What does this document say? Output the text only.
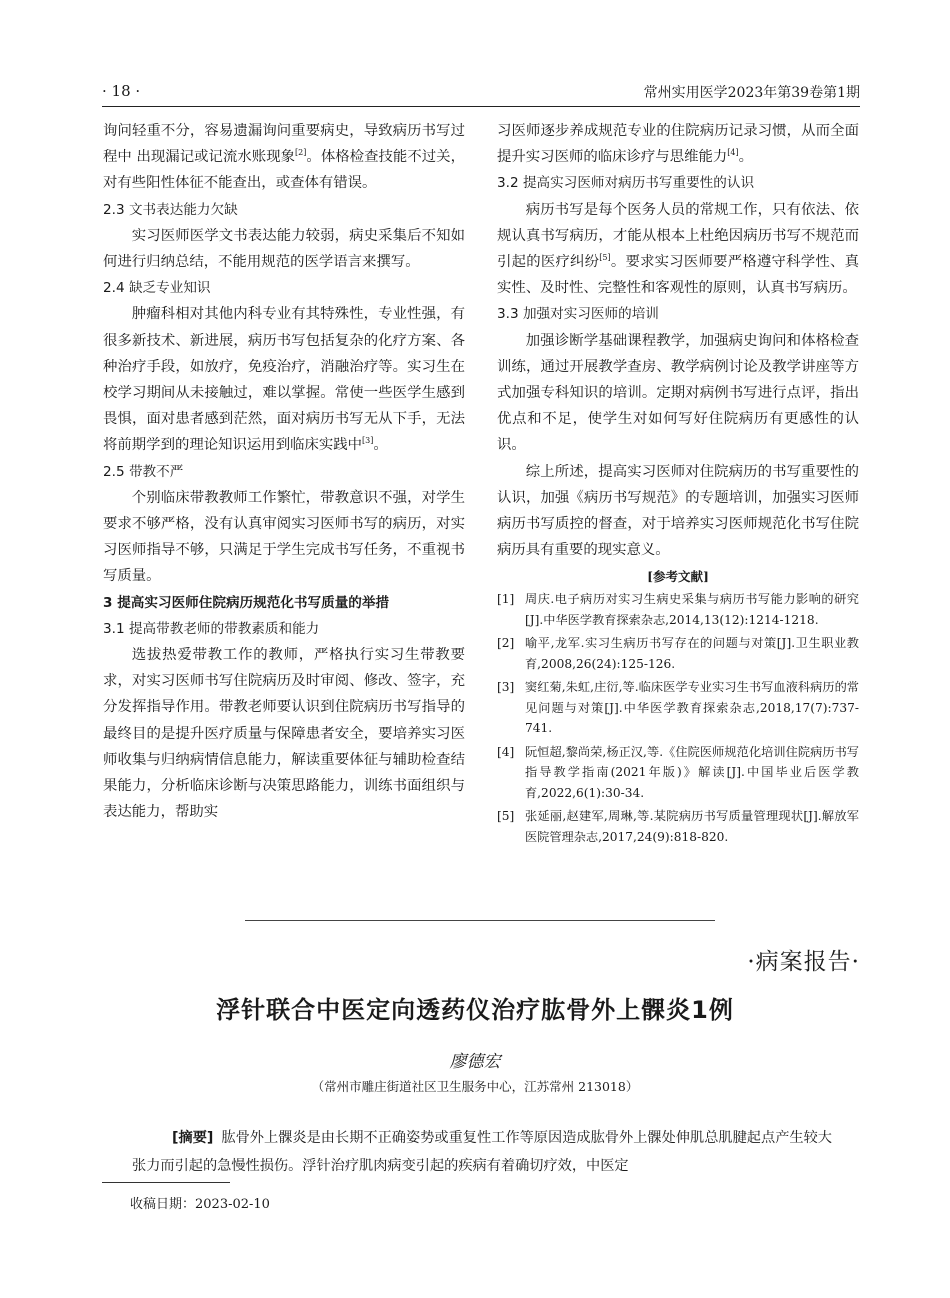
· 18 ·	常州实用医学2023年第39卷第1期

询问轻重不分，容易遗漏询问重要病史，导致病历书写过程中 出现漏记或记流水账现象[2]。体格检查技能不过关，对有些阳性体征不能查出，或查体有错误。

2.3 文书表达能力欠缺

实习医师医学文书表达能力较弱，病史采集后不知如何进行归纳总结，不能用规范的医学语言来撰写。

2.4 缺乏专业知识

肿瘤科相对其他内科专业有其特殊性，专业性强，有很多新技术、新进展，病历书写包括复杂的化疗方案、各种治疗手段，如放疗，免疫治疗，消融治疗等。实习生在校学习期间从未接触过，难以掌握。常使一些医学生感到畏惧，面对患者感到茫然，面对病历书写无从下手，无法将前期学到的理论知识运用到临床实践中[3]。

2.5 带教不严

个别临床带教教师工作繁忙，带教意识不强，对学生要求不够严格，没有认真审阅实习医师书写的病历，对实习医师指导不够，只满足于学生完成书写任务，不重视书写质量。

3 提高实习医师住院病历规范化书写质量的举措

3.1 提高带教老师的带教素质和能力

选拔热爱带教工作的教师，严格执行实习生带教要求，对实习医师书写住院病历及时审阅、修改、签字，充分发挥指导作用。带教老师要认识到住院病历书写指导的最终目的是提升医疗质量与保障患者安全，要培养实习医师收集与归纳病情信息能力，解读重要体征与辅助检查结果能力，分析临床诊断与决策思路能力，训练书面组织与表达能力，帮助实

习医师逐步养成规范专业的住院病历记录习惯，从而全面提升实习医师的临床诊疗与思维能力[4]。

3.2 提高实习医师对病历书写重要性的认识

病历书写是每个医务人员的常规工作，只有依法、依规认真书写病历，才能从根本上杜绝因病历书写不规范而引起的医疗纠纷[5]。要求实习医师要严格遵守科学性、真实性、及时性、完整性和客观性的原则，认真书写病历。

3.3 加强对实习医师的培训

加强诊断学基础课程教学，加强病史询问和体格检查训练，通过开展教学查房、教学病例讨论及教学讲座等方式加强专科知识的培训。定期对病例书写进行点评，指出优点和不足，使学生对如何写好住院病历有更感性的认识。

综上所述，提高实习医师对住院病历的书写重要性的认识，加强《病历书写规范》的专题培训，加强实习医师病历书写质控的督查，对于培养实习医师规范化书写住院病历具有重要的现实意义。

[参考文献]
[1] 周庆.电子病历对实习生病史采集与病历书写能力影响的研究[J].中华医学教育探索杂志,2014,13(12):1214-1218.
[2] 喻平,龙军.实习生病历书写存在的问题与对策[J].卫生职业教育,2008,26(24):125-126.
[3] 窦红菊,朱虹,庄衍,等.临床医学专业实习生书写血液科病历的常见问题与对策[J].中华医学教育探索杂志,2018,17(7):737-741.
[4] 阮恒超,黎尚荣,杨正汉,等.《住院医师规范化培训住院病历书写指导教学指南(2021年版)》解读[J].中国毕业后医学教育,2022,6(1):30-34.
[5] 张延丽,赵建军,周琳,等.某院病历书写质量管理现状[J].解放军医院管理杂志,2017,24(9):818-820.
·病案报告·
浮针联合中医定向透药仪治疗肱骨外上髁炎1例
廖德宏
（常州市雕庄街道社区卫生服务中心，江苏常州 213018）
[摘要] 肱骨外上髁炎是由长期不正确姿势或重复性工作等原因造成肱骨外上髁处伸肌总肌腱起点产生较大张力而引起的急慢性损伤。浮针治疗肌肉病变引起的疾病有着确切疗效，中医定
收稿日期：2023-02-10
